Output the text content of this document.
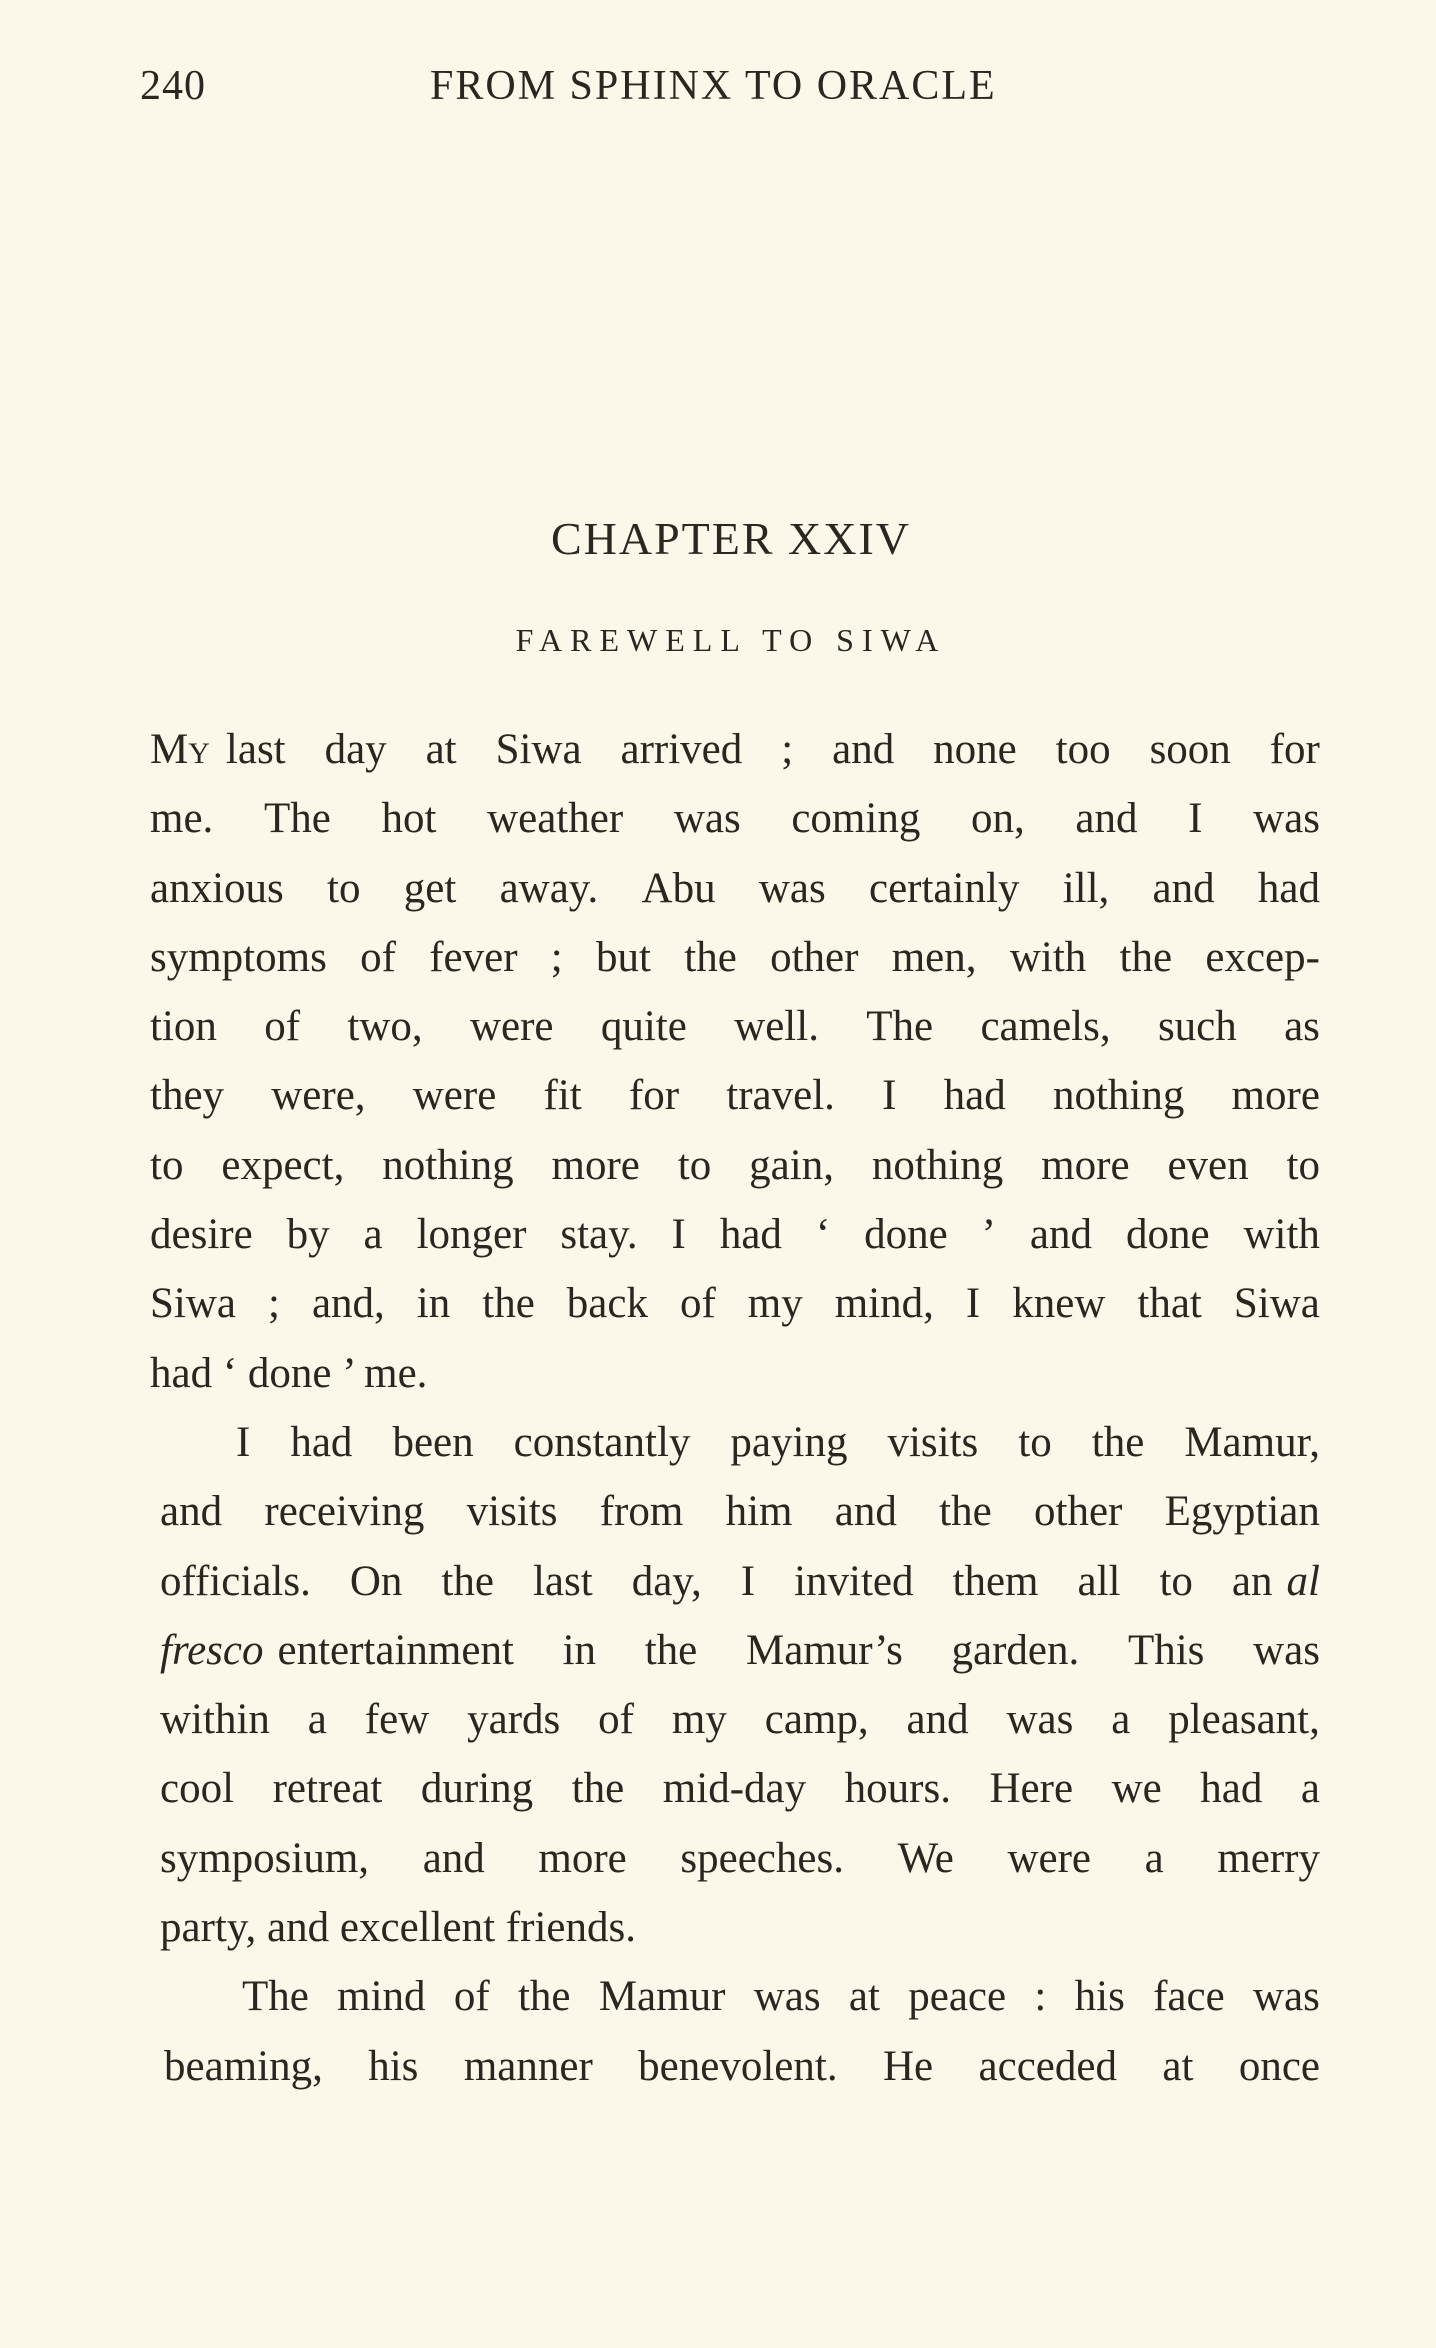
240	FROM SPHINX TO ORACLE
CHAPTER XXIV
FAREWELL TO SIWA
My last day at Siwa arrived ; and none too soon for
me. The hot weather was coming on, and I was
anxious to get away. Abu was certainly ill, and had
symptoms of fever ; but the other men, with the excep-
tion of two, were quite well. The camels, such as
they were, were fit for travel. I had nothing more
to expect, nothing more to gain, nothing more even to
desire by a longer stay. I had ‘ done ’ and done with
Siwa ; and, in the back of my mind, I knew that Siwa
had ‘ done ’ me.
I had been constantly paying visits to the Mamur,
and receiving visits from him and the other Egyptian
officials. On the last day, I invited them all to an al
fresco entertainment in the Mamur’s garden. This was
within a few yards of my camp, and was a pleasant,
cool retreat during the mid-day hours. Here we had a
symposium, and more speeches. We were a merry
party, and excellent friends.
The mind of the Mamur was at peace : his face was
beaming, his manner benevolent. He acceded at once
